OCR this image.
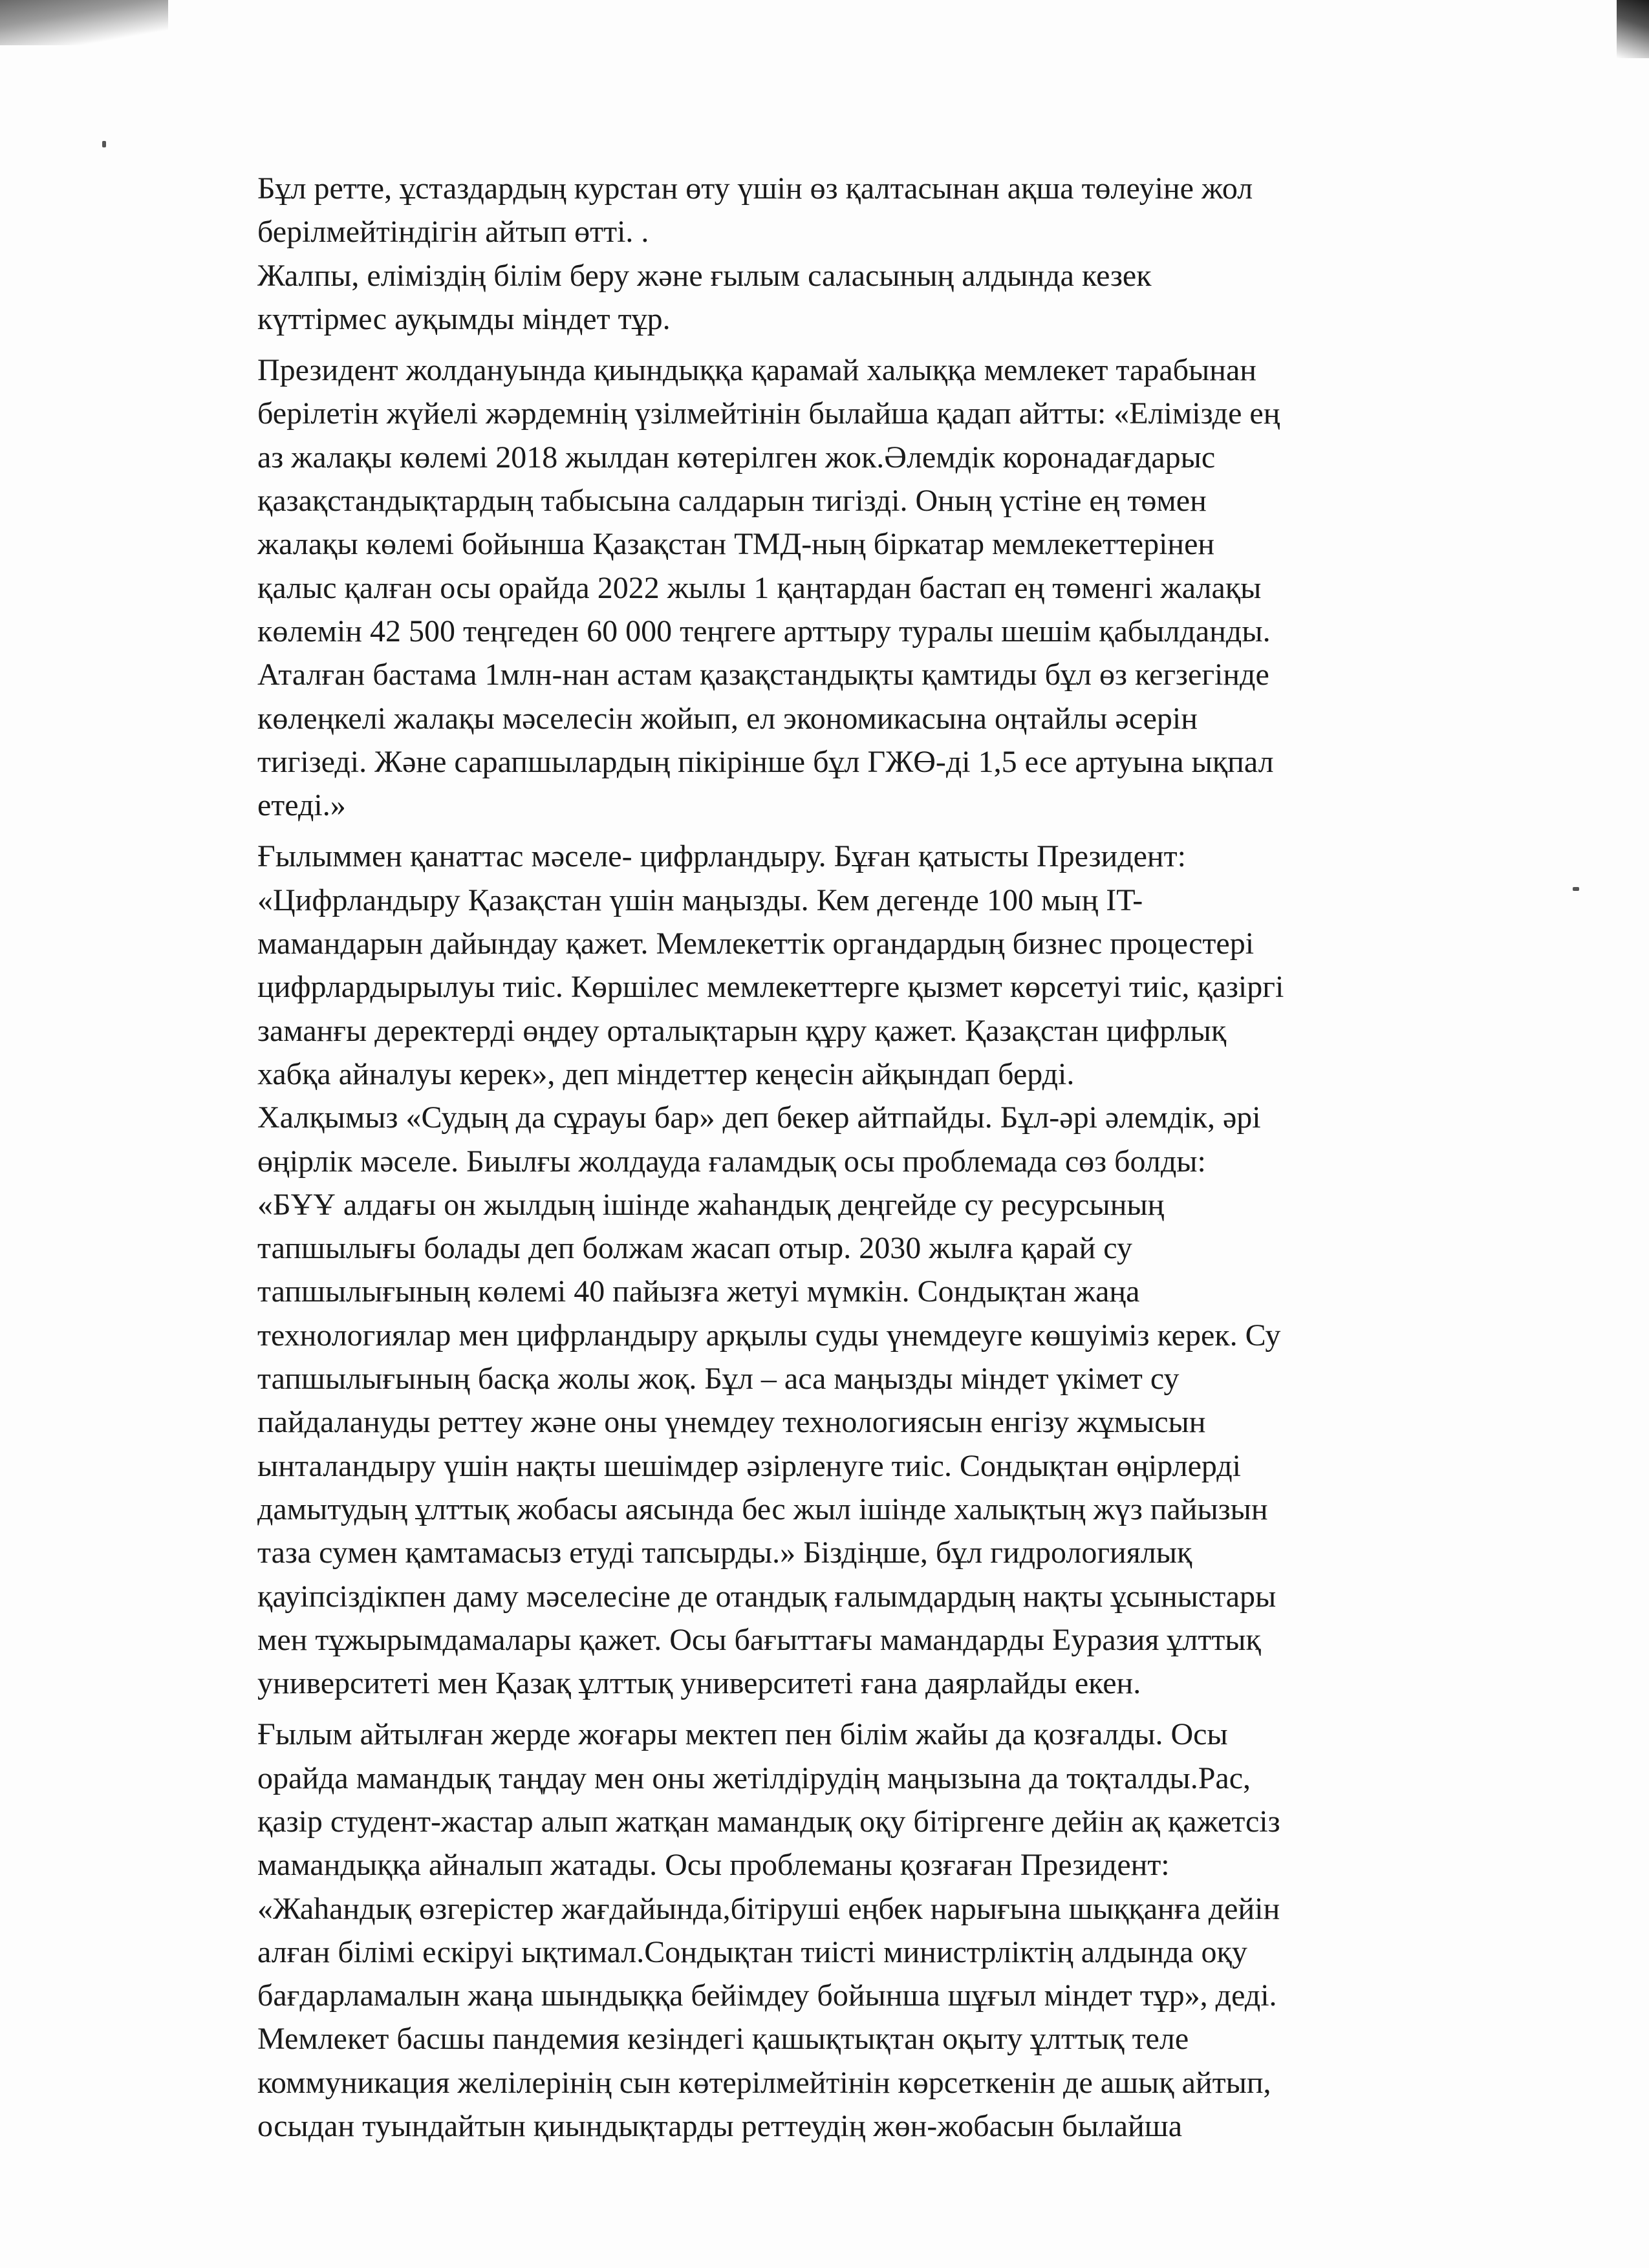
Бұл ретте, ұстаздардың курстан өту үшін өз қалтасынан ақша төлеуіне жол
берілмейтіндігін айтып өтті. .
Жалпы, еліміздің білім беру және ғылым саласының алдында кезек
күттірмес ауқымды міндет тұр.
Президент жолдануында қиындыққа қарамай халыққа мемлекет тарабынан
берілетін жүйелі жәрдемнің үзілмейтінін былайша қадап айтты: «Елімізде ең
аз жалақы көлемі 2018 жылдан көтерілген жок.Әлемдік коронадағдарыс
қазақстандықтардың табысына салдарын тигізді. Оның үстіне ең төмен
жалақы көлемі бойынша Қазақстан ТМД-ның біркатар мемлекеттерінен
қалыс қалған осы орайда 2022 жылы 1 қаңтардан бастап ең төменгі жалақы
көлемін 42 500 теңгеден 60 000 теңгеге арттыру туралы шешім қабылданды.
Аталған бастама 1млн-нан астам қазақстандықты қамтиды бұл өз кегзегінде
көлеңкелі жалақы мәселесін жойып, ел экономикасына оңтайлы әсерін
тигізеді. Және сарапшылардың пікірінше бұл ГЖӨ-ді 1,5 есе артуына ықпал
етеді.»
Ғылыммен қанаттас мәселе- цифрландыру. Бұған қатысты Президент:
«Цифрландыру Қазақстан үшін маңызды. Кем дегенде 100 мың IT-
мамандарын дайындау қажет. Мемлекеттік органдардың бизнес процестері
цифрлардырылуы тиіс. Көршілес мемлекеттерге қызмет көрсетуі тиіс, қазіргі
заманғы деректерді өңдеу орталықтарын құру қажет. Қазақстан цифрлық
хабқа айналуы керек», деп міндеттер кеңесін айқындап берді.
Халқымыз «Судың да сұрауы бар» деп бекер айтпайды. Бұл-әрі әлемдік, әрі
өңірлік мәселе. Биылғы жолдауда ғаламдық осы проблемада сөз болды:
«БҰҰ алдағы он жылдың ішінде жаһандық деңгейде су ресурсының
тапшылығы болады деп болжам жасап отыр. 2030 жылға қарай су
тапшылығының көлемі 40 пайызға жетуі мүмкін. Сондықтан жаңа
технологиялар мен цифрландыру арқылы суды үнемдеуге көшуіміз керек. Су
тапшылығының басқа жолы жоқ. Бұл – аса маңызды міндет үкімет су
пайдалануды реттеу және оны үнемдеу технологиясын енгізу жұмысын
ынталандыру үшін нақты шешімдер әзірленуге тиіс. Сондықтан өңірлерді
дамытудың ұлттық жобасы аясында бес жыл ішінде халықтың жүз пайызын
таза сумен қамтамасыз етуді тапсырды.» Біздіңше, бұл гидрологиялық
қауіпсіздікпен даму мәселесіне де отандық ғалымдардың нақты ұсыныстары
мен тұжырымдамалары қажет. Осы бағыттағы мамандарды Еуразия ұлттық
университеті мен Қазақ ұлттық университеті ғана даярлайды екен.
Ғылым айтылған жерде жоғары мектеп пен білім жайы да қозғалды. Осы
орайда мамандық таңдау мен оны жетілдірудің маңызына да тоқталды.Рас,
қазір студент-жастар алып жатқан мамандық оқу бітіргенге дейін ақ қажетсіз
мамандыққа айналып жатады. Осы проблеманы қозғаған Президент:
«Жаһандық өзгерістер жағдайында,бітіруші еңбек нарығына шыққанға дейін
алған білімі ескіруі ықтимал.Сондықтан тиісті министрліктің алдында оқу
бағдарламалын жаңа шындыққа бейімдеу бойынша шұғыл міндет тұр», деді.
Мемлекет басшы пандемия кезіндегі қашықтықтан оқыту ұлттық теле
коммуникация желілерінің сын көтерілмейтінін көрсеткенін де ашық айтып,
осыдан туындайтын қиындықтарды реттеудің жөн-жобасын былайша
